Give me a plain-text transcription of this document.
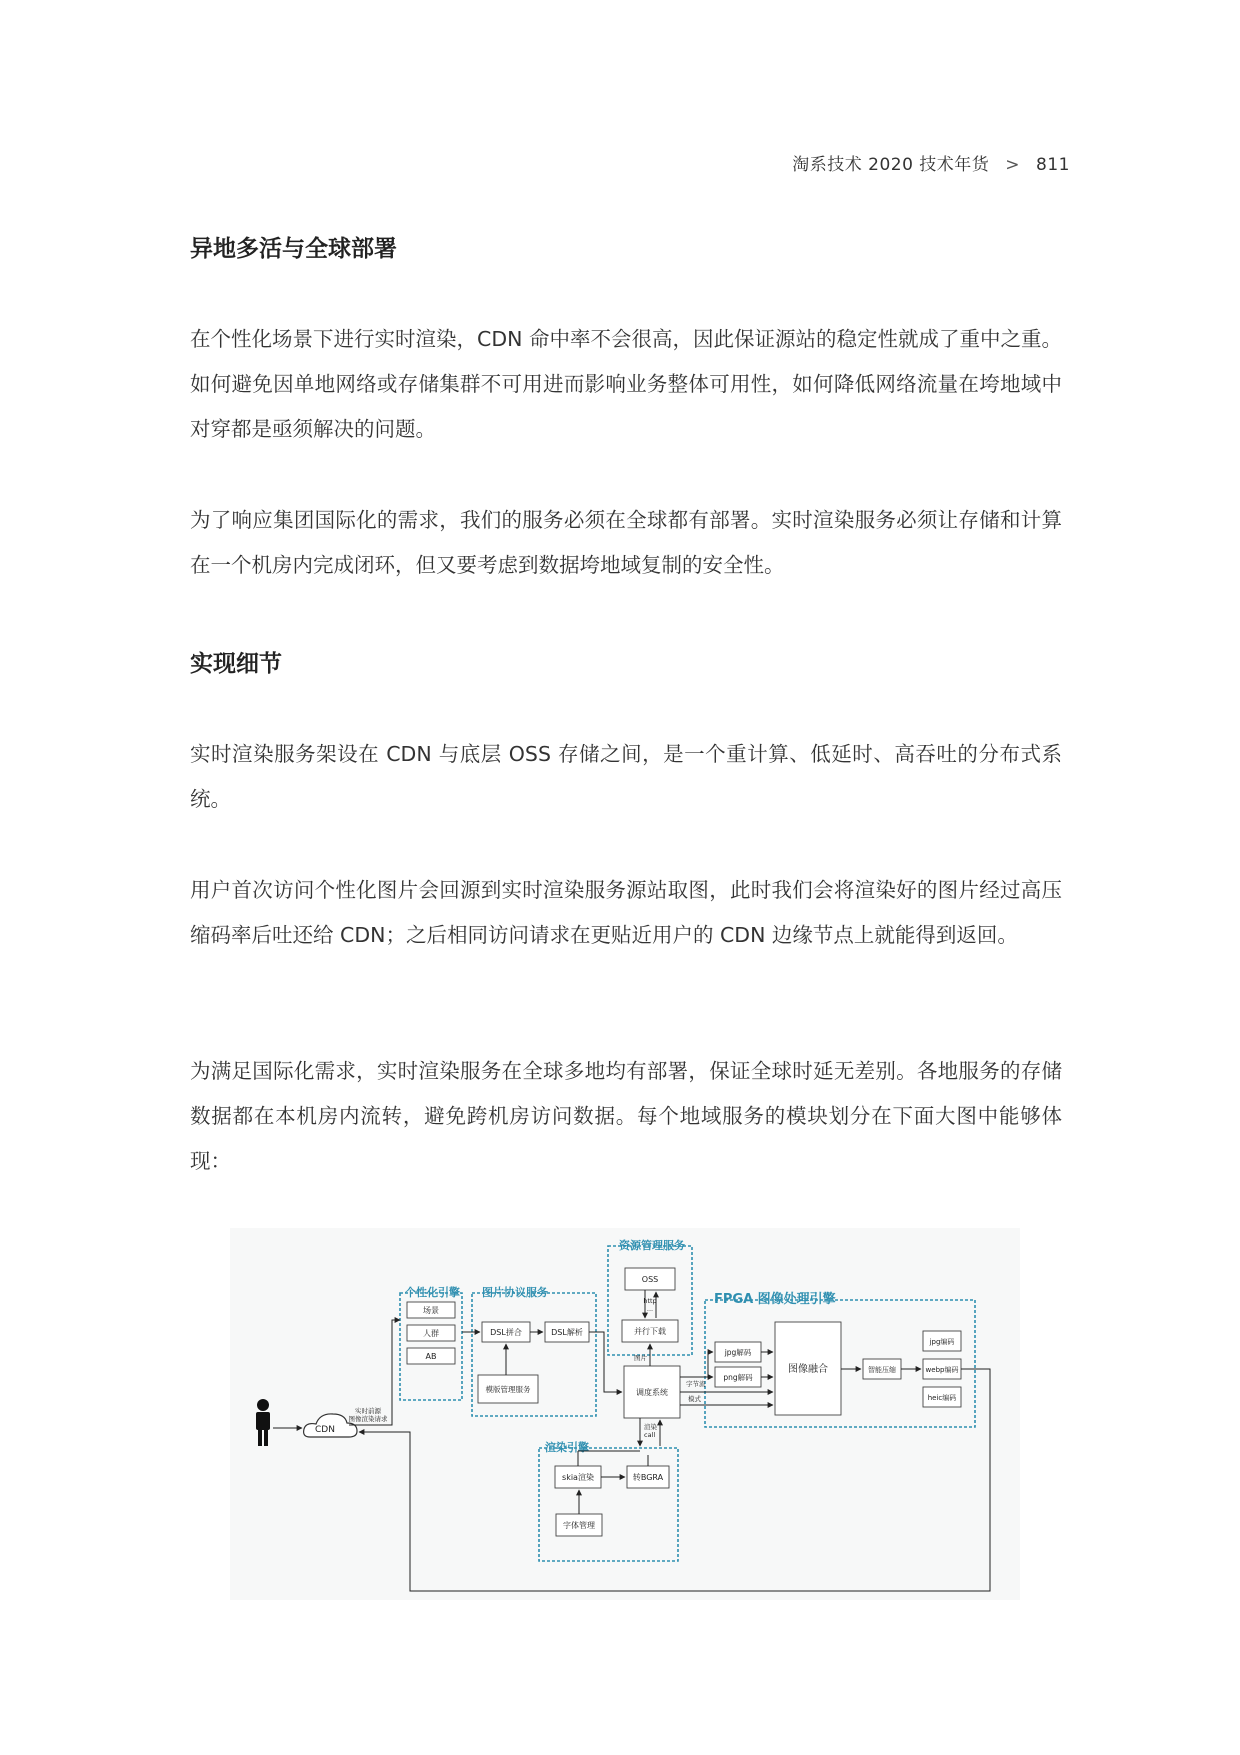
淘系技术 2020 技术年货 > 811
异地多活与全球部署

在个性化场景下进行实时渲染，CDN 命中率不会很高，因此保证源站的稳定性就成了重中之重。如何避免因单地网络或存储集群不可用进而影响业务整体可用性，如何降低网络流量在垮地域中对穿都是亟须解决的问题。

为了响应集团国际化的需求，我们的服务必须在全球都有部署。实时渲染服务必须让存储和计算在一个机房内完成闭环，但又要考虑到数据垮地域复制的安全性。

实现细节

实时渲染服务架设在 CDN 与底层 OSS 存储之间，是一个重计算、低延时、高吞吐的分布式系统。

用户首次访问个性化图片会回源到实时渲染服务源站取图，此时我们会将渲染好的图片经过高压缩码率后吐还给 CDN；之后相同访问请求在更贴近用户的 CDN 边缘节点上就能得到返回。

为满足国际化需求，实时渲染服务在全球多地均有部署，保证全球时延无差别。各地服务的存储数据都在本机房内流转，避免跨机房访问数据。每个地域服务的模块划分在下面大图中能够体现：

个性化引擎 图片协议服务
资源管理服务
FPGA 图像处理引擎
渲染引擎
CDN
实时前源
图像渲染请求
场景
人群
AB
DSL拼合	DSL解析
模版管理服务
OSS
http
...
并行下载
调度系统
图片
渲染
call
skia渲染	转BGRA
字体管理
字节流
模式
jpg解码
png解码
图像融合	智能压缩
jpg编码
webp编码
heic编码
